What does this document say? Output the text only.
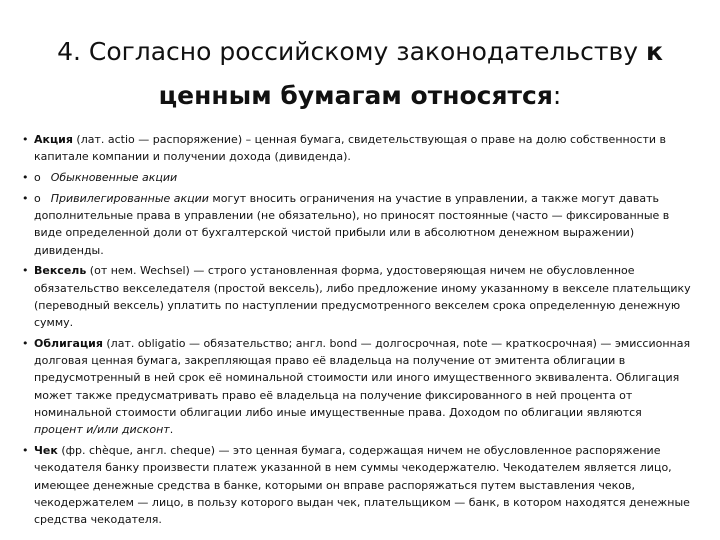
4. Согласно российскому законодательству к ценным бумагам относятся:
• Акция (лат. actio — распоряжение) – ценная бумага, свидетельствующая о праве на долю собственности в капитале компании и получении дохода (дивиденда).
• o Обыкновенные акции
• o Привилегированные акции могут вносить ограничения на участие в управлении, а также могут давать дополнительные права в управлении (не обязательно), но приносят постоянные (часто — фиксированные в виде определенной доли от бухгалтерской чистой прибыли или в абсолютном денежном выражении) дивиденды.
• Вексель (от нем. Wechsel) — строго установленная форма, удостоверяющая ничем не обусловленное обязательство векселедателя (простой вексель), либо предложение иному указанному в векселе плательщику (переводный вексель) уплатить по наступлении предусмотренного векселем срока определенную денежную сумму.
• Облигация (лат. obligatio — обязательство; англ. bond — долгосрочная, note — краткосрочная) — эмиссионная долговая ценная бумага, закрепляющая право её владельца на получение от эмитента облигации в предусмотренный в ней срок её номинальной стоимости или иного имущественного эквивалента. Облигация может также предусматривать право её владельца на получение фиксированного в ней процента от номинальной стоимости облигации либо иные имущественные права. Доходом по облигации являются процент и/или дисконт.
• Чек (фр. chèque, англ. cheque) — это ценная бумага, содержащая ничем не обусловленное распоряжение чекодателя банку произвести платеж указанной в нем суммы чекодержателю. Чекодателем является лицо, имеющее денежные средства в банке, которыми он вправе распоряжаться путем выставления чеков, чекодержателем — лицо, в пользу которого выдан чек, плательщиком — банк, в котором находятся денежные средства чекодателя.
